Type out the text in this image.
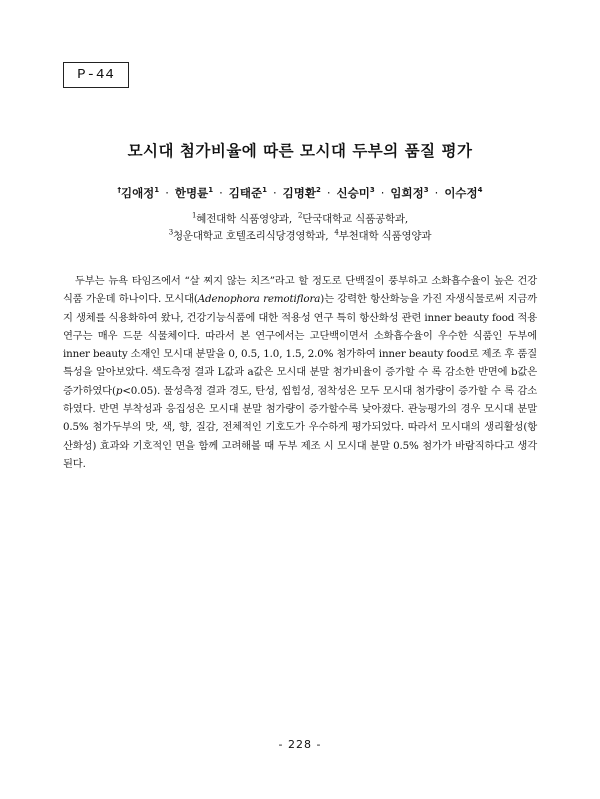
P-44
모시대 첨가비율에 따른 모시대 두부의 품질 평가
†김애정$^1$ · 한명륜$^1$ · 김태준$^1$ · 김명환$^2$ · 신승미$^3$ · 임희정$^3$ · 이수정$^4$
$^1$혜전대학 식품영양과, $^2$단국대학교 식품공학과,
$^3$청운대학교 호텔조리식당경영학과, $^4$부천대학 식품영양과

두부는 뉴욕 타임즈에서 “살 찌지 않는 치즈”라고 할 정도로 단백질이 풍부하고 소화흡수율이 높은 건강식품 가운데 하나이다. 모시대(Adenophora remotiflora)는 강력한 항산화능을 가진 자생식물로써 지금까지 생체를 식용화하여 왔나, 건강기능식품에 대한 적용성 연구 특히 항산화성 관련 inner beauty food 적용연구는 매우 드문 식물체이다. 따라서 본 연구에서는 고단백이면서 소화흡수율이 우수한 식품인 두부에 inner beauty 소재인 모시대 분말을 0, 0.5, 1.0, 1.5, 2.0% 첨가하여 inner beauty food로 제조 후 품질특성을 알아보았다. 색도측정 결과 L값과 a값은 모시대 분말 첨가비율이 증가할 수 록 감소한 반면에 b값은 증가하였다(p<0.05). 물성측정 결과 경도, 탄성, 씹힘성, 점착성은 모두 모시대 첨가량이 증가할 수 록 감소하였다. 반면 부착성과 응집성은 모시대 분말 첨가량이 증가할수록 낮아졌다. 관능평가의 경우 모시대 분말 0.5% 첨가두부의 맛, 색, 향, 질감, 전체적인 기호도가 우수하게 평가되었다. 따라서 모시대의 생리활성(항산화성) 효과와 기호적인 면을 함께 고려해볼 때 두부 제조 시 모시대 분말 0.5% 첨가가 바람직하다고 생각된다.

- 228 -
